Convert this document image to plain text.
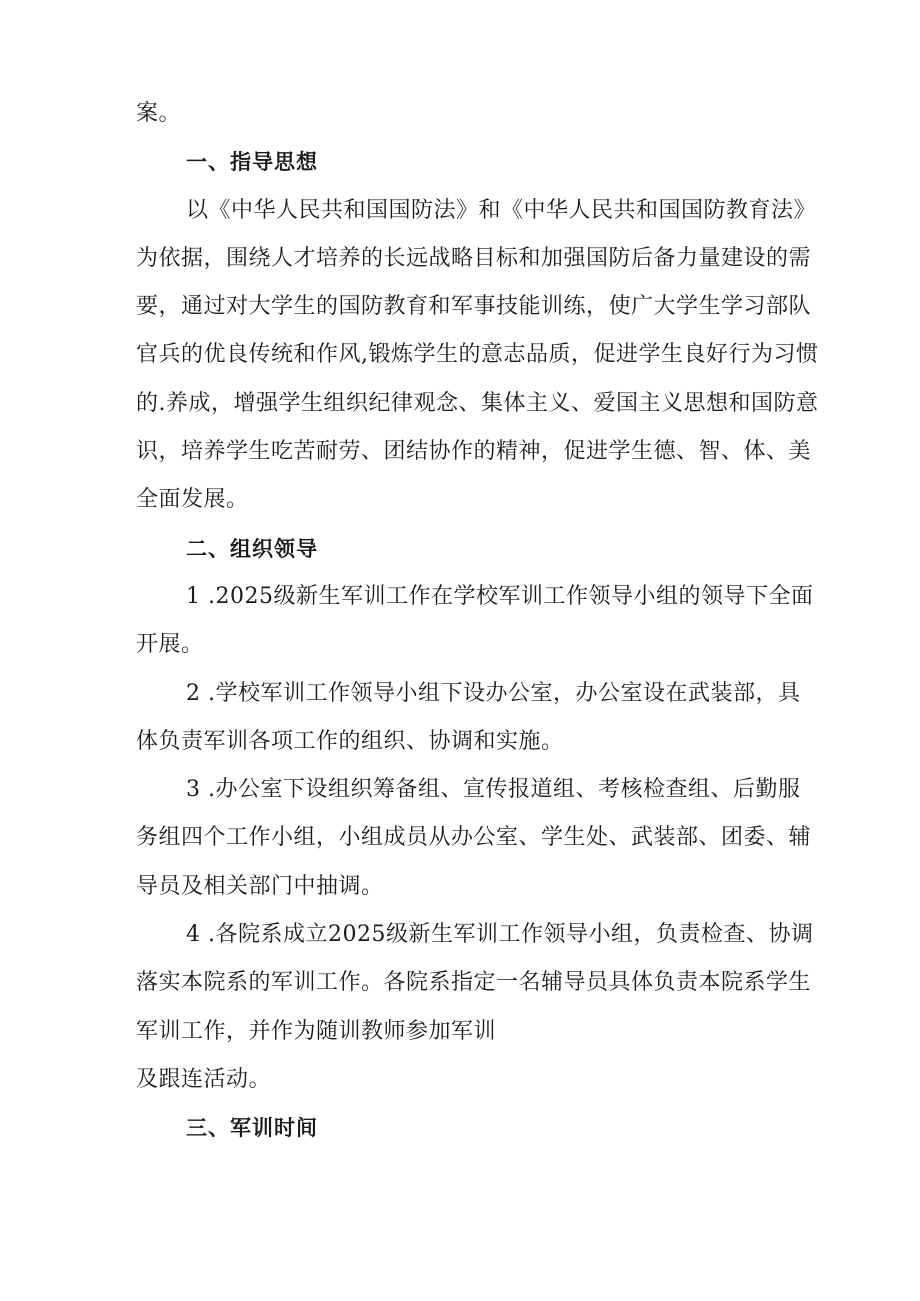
案。
一、指导思想
以《中华人民共和国国防法》和《中华人民共和国国防教育法》
为依据，围绕人才培养的长远战略目标和加强国防后备力量建设的需
要，通过对大学生的国防教育和军事技能训练，使广大学生学习部队
官兵的优良传统和作风,锻炼学生的意志品质，促进学生良好行为习惯
的.养成，增强学生组织纪律观念、集体主义、爱国主义思想和国防意
识，培养学生吃苦耐劳、团结协作的精神，促进学生德、智、体、美
全面发展。
二、组织领导
1 .2025级新生军训工作在学校军训工作领导小组的领导下全面
开展。
2 .学校军训工作领导小组下设办公室，办公室设在武装部，具
体负责军训各项工作的组织、协调和实施。
3 .办公室下设组织筹备组、宣传报道组、考核检查组、后勤服
务组四个工作小组，小组成员从办公室、学生处、武装部、团委、辅
导员及相关部门中抽调。
4 .各院系成立2025级新生军训工作领导小组，负责检查、协调
落实本院系的军训工作。各院系指定一名辅导员具体负责本院系学生
军训工作，并作为随训教师参加军训
及跟连活动。
三、军训时间
